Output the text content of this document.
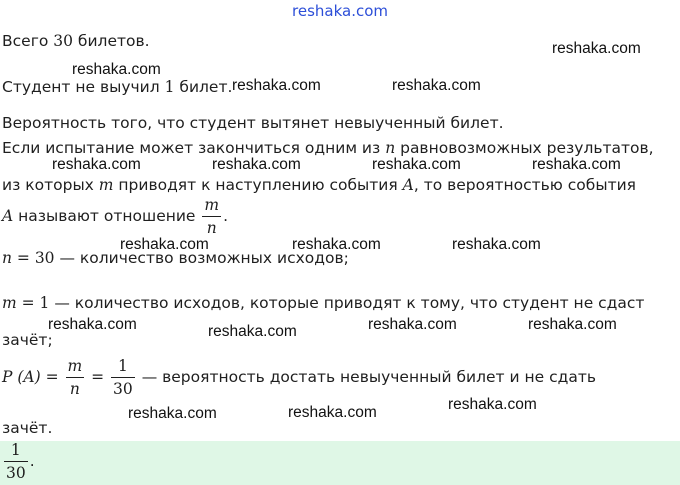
$\frac{1}{30}$ .
reshaka.com
Всего 30 билетов.
Студент не выучил 1 билет.
Вероятность того, что студент вытянет невыученный билет.
Если испытание может закончиться одним из n равновозможных результатов,
из которых m приводят к наступлению события A, то вероятностью события
A называют отношение $\frac{m}{n}$ .
n = 30 — количество возможных исходов;
m = 1 — количество исходов, которые приводят к тому, что студент не сдаст
зачёт;
P $(A) = \frac{m}{n} = \frac{1}{30}$ — вероятность достать невыученный билет и не сдать
зачёт.
reshaka.com
reshaka.com
reshaka.com	reshaka.com
reshaka.com	reshaka.com	reshaka.com	reshaka.com
reshaka.com	reshaka.com	reshaka.com
reshaka.com	reshaka.com	reshaka.com	reshaka.com
reshaka.com	reshaka.com	reshaka.com
